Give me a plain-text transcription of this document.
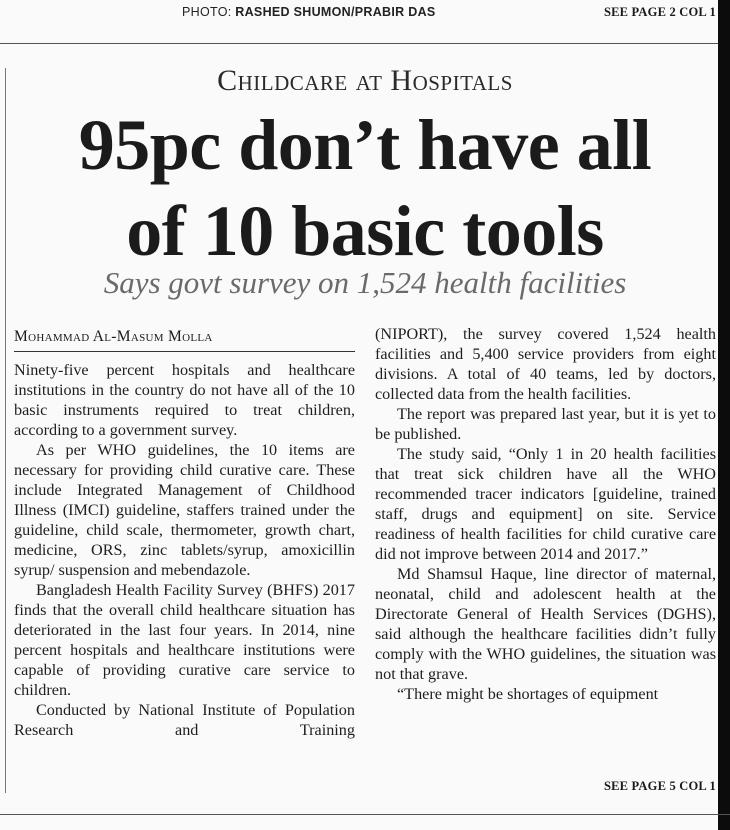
PHOTO: RASHED SHUMON/PRABIR DAS	SEE PAGE 2 COL 1
Childcare at Hospitals
95pc don’t have all
of 10 basic tools
Says govt survey on 1,524 health facilities
Mohammad Al-Masum Molla

Ninety-five percent hospitals and healthcare institutions in the country do not have all of the 10 basic instruments required to treat children, according to a government survey.

As per WHO guidelines, the 10 items are necessary for providing child curative care. These include Integrated Management of Childhood Illness (IMCI) guideline, staffers trained under the guideline, child scale, thermometer, growth chart, medicine, ORS, zinc tablets/syrup, amoxicillin syrup/ suspension and mebendazole.

Bangladesh Health Facility Survey (BHFS) 2017 finds that the overall child healthcare situation has deteriorated in the last four years. In 2014, nine percent hospitals and healthcare institutions were capable of providing curative care service to children.

Conducted by National Institute of Population Research and Training

(NIPORT), the survey covered 1,524 health facilities and 5,400 service providers from eight divisions. A total of 40 teams, led by doctors, collected data from the health facilities.

The report was prepared last year, but it is yet to be published.

The study said, “Only 1 in 20 health facilities that treat sick children have all the WHO recommended tracer indicators [guideline, trained staff, drugs and equipment] on site. Service readiness of health facilities for child curative care did not improve between 2014 and 2017.”

Md Shamsul Haque, line director of maternal, neonatal, child and adolescent health at the Directorate General of Health Services (DGHS), said although the healthcare facilities didn’t fully comply with the WHO guidelines, the situation was not that grave.

“There might be shortages of equipment

SEE PAGE 5 COL 1
